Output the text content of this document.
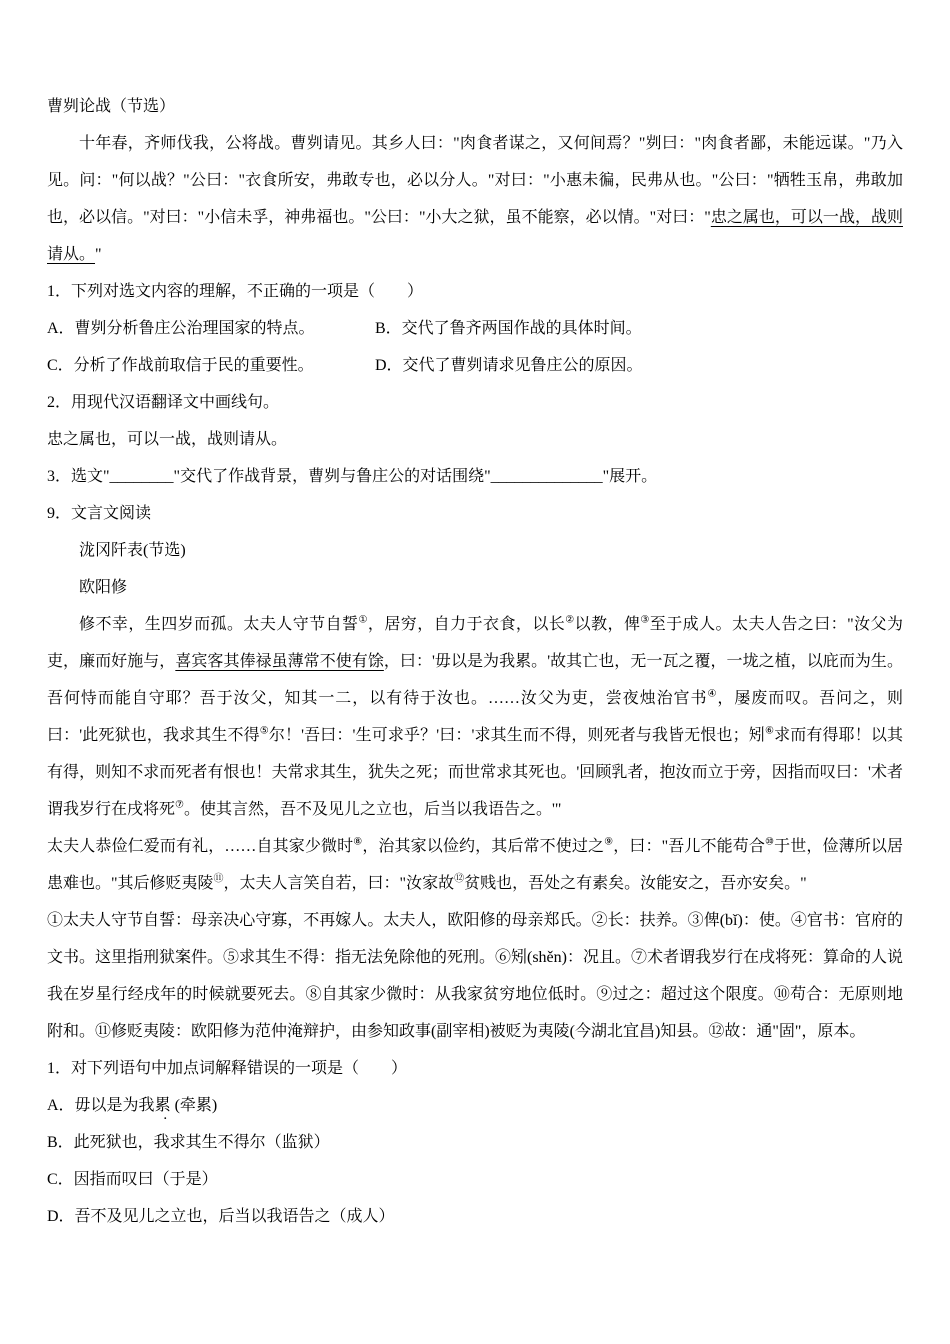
曹刿论战（节选）

十年春，齐师伐我，公将战。曹刿请见。其乡人曰："肉食者谋之，又何间焉？"刿曰："肉食者鄙，未能远谋。"乃入见。问："何以战？"公曰："衣食所安，弗敢专也，必以分人。"对曰："小惠未徧，民弗从也。"公曰："牺牲玉帛，弗敢加也，必以信。"对曰："小信未孚，神弗福也。"公曰："小大之狱，虽不能察，必以情。"对曰："忠之属也，可以一战，战则请从。"

1．下列对选文内容的理解，不正确的一项是（　　）
A．曹刿分析鲁庄公治理国家的特点。	B．交代了鲁齐两国作战的具体时间。
C．分析了作战前取信于民的重要性。	D．交代了曹刿请求见鲁庄公的原因。
2．用现代汉语翻译文中画线句。
忠之属也，可以一战，战则请从。
3．选文"________"交代了作战背景，曹刿与鲁庄公的对话围绕"______________"展开。
9．文言文阅读
泷冈阡表(节选)
欧阳修

修不幸，生四岁而孤。太夫人守节自誓①，居穷，自力于衣食，以长②以教，俾③至于成人。太夫人告之曰："汝父为吏，廉而好施与，喜宾客其俸禄虽薄常不使有馀，曰：'毋以是为我累。'故其亡也，无一瓦之覆，一垅之植，以庇而为生。吾何恃而能自守耶？吾于汝父，知其一二，以有待于汝也。……汝父为吏，尝夜烛治官书④，屡废而叹。吾问之，则曰：'此死狱也，我求其生不得⑤尔！'吾曰：'生可求乎？'曰：'求其生而不得，则死者与我皆无恨也；矧⑥求而有得耶！以其有得，则知不求而死者有恨也！夫常求其生，犹失之死；而世常求其死也。'回顾乳者，抱汝而立于旁，因指而叹曰：'术者谓我岁行在戌将死⑦。使其言然，吾不及见儿之立也，后当以我语告之。'"

太夫人恭俭仁爱而有礼，……自其家少微时⑧，治其家以俭约，其后常不使过之⑨，曰："吾儿不能苟合⑩于世，俭薄所以居患难也。"其后修贬夷陵⑪，太夫人言笑自若，曰："汝家故⑫贫贱也，吾处之有素矣。汝能安之，吾亦安矣。"

①太夫人守节自誓：母亲决心守寡，不再嫁人。太夫人，欧阳修的母亲郑氏。②长：扶养。③俾(bǐ)：使。④官书：官府的文书。这里指刑狱案件。⑤求其生不得：指无法免除他的死刑。⑥矧(shěn)：况且。⑦术者谓我岁行在戌将死：算命的人说我在岁星行经戌年的时候就要死去。⑧自其家少微时：从我家贫穷地位低时。⑨过之：超过这个限度。⑩苟合：无原则地附和。⑪修贬夷陵：欧阳修为范仲淹辩护，由参知政事(副宰相)被贬为夷陵(今湖北宜昌)知县。⑫故：通"固"，原本。

1．对下列语句中加点词解释错误的一项是（　　）
A．毋以是为我累 (牵累)
B．此死狱也，我求其生不得尔（监狱）
C．因指而叹曰（于是）
D．吾不及见儿之立也，后当以我语告之（成人）
